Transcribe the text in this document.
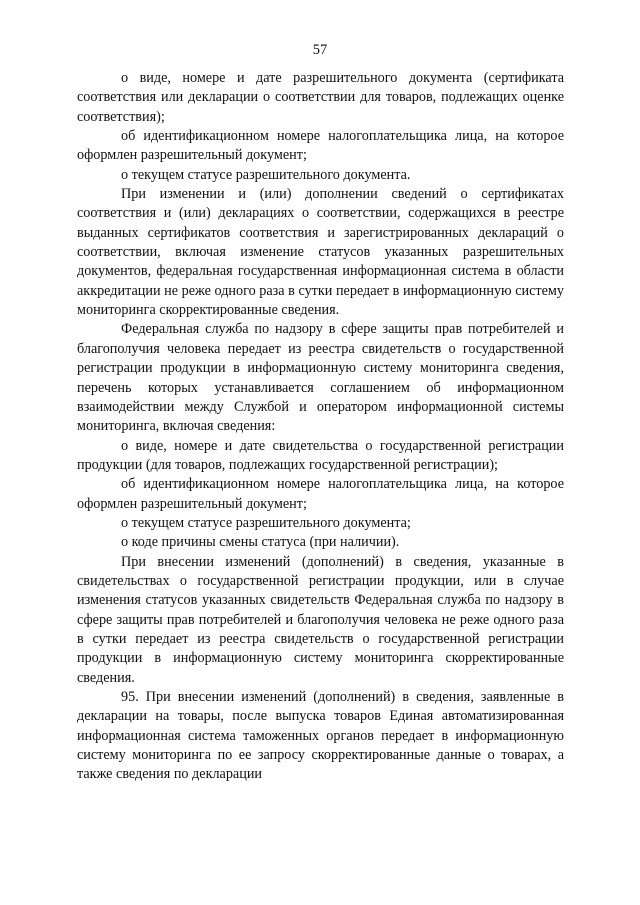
57

о виде, номере и дате разрешительного документа (сертификата соответствия или декларации о соответствии для товаров, подлежащих оценке соответствия);

об идентификационном номере налогоплательщика лица, на которое оформлен разрешительный документ;

о текущем статусе разрешительного документа.

При изменении и (или) дополнении сведений о сертификатах соответствия и (или) декларациях о соответствии, содержащихся в реестре выданных сертификатов соответствия и зарегистрированных деклараций о соответствии, включая изменение статусов указанных разрешительных документов, федеральная государственная информационная система в области аккредитации не реже одного раза в сутки передает в информационную систему мониторинга скорректированные сведения.

Федеральная служба по надзору в сфере защиты прав потребителей и благополучия человека передает из реестра свидетельств о государственной регистрации продукции в информационную систему мониторинга сведения, перечень которых устанавливается соглашением об информационном взаимодействии между Службой и оператором информационной системы мониторинга, включая сведения:

о виде, номере и дате свидетельства о государственной регистрации продукции (для товаров, подлежащих государственной регистрации);

об идентификационном номере налогоплательщика лица, на которое оформлен разрешительный документ;

о текущем статусе разрешительного документа;

о коде причины смены статуса (при наличии).

При внесении изменений (дополнений) в сведения, указанные в свидетельствах о государственной регистрации продукции, или в случае изменения статусов указанных свидетельств Федеральная служба по надзору в сфере защиты прав потребителей и благополучия человека не реже одного раза в сутки передает из реестра свидетельств о государственной регистрации продукции в информационную систему мониторинга скорректированные сведения.

95. При внесении изменений (дополнений) в сведения, заявленные в декларации на товары, после выпуска товаров Единая автоматизированная информационная система таможенных органов передает в информационную систему мониторинга по ее запросу скорректированные данные о товарах, а также сведения по декларации
